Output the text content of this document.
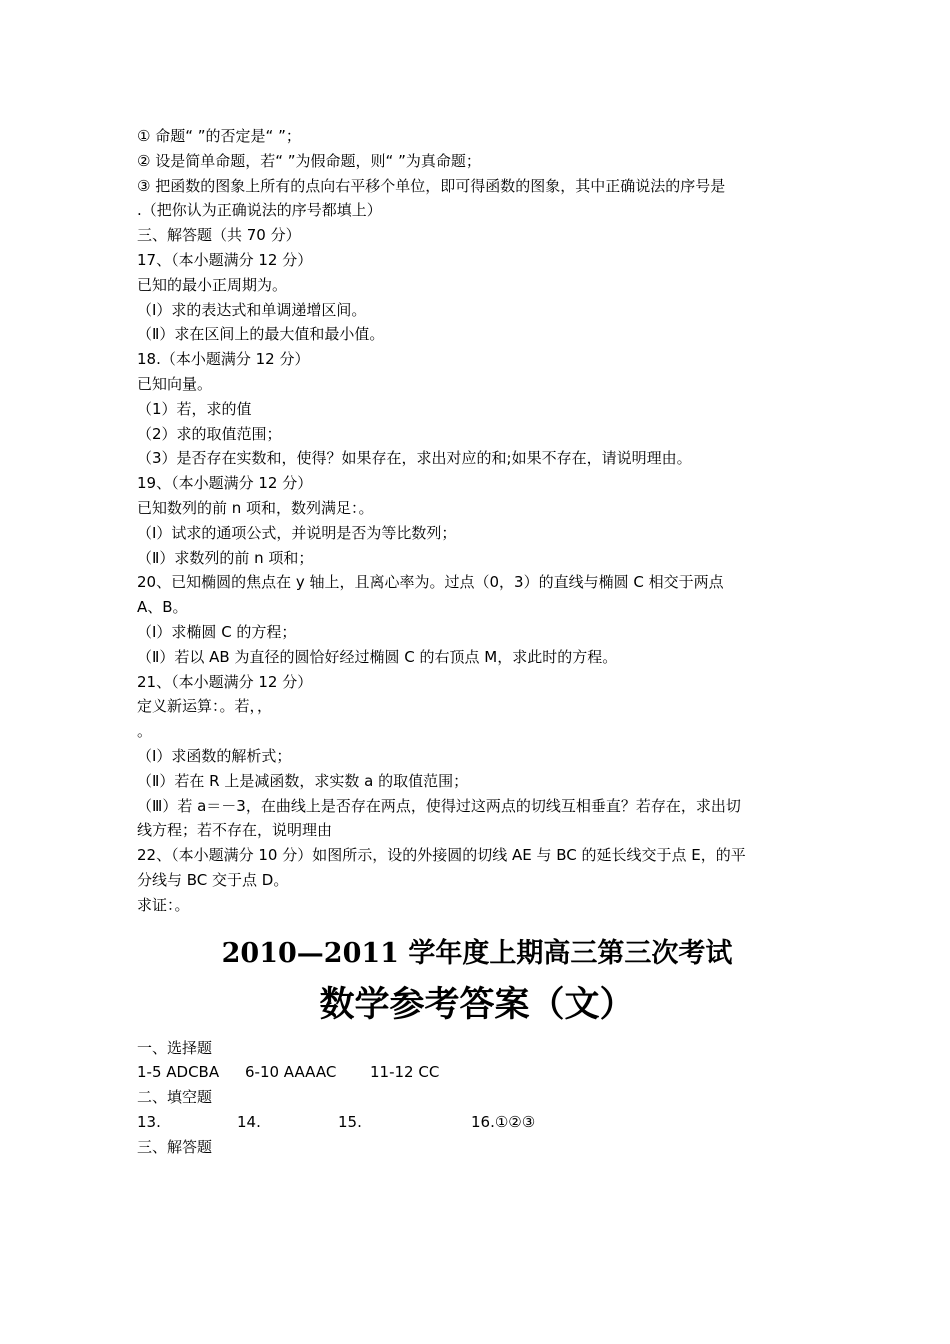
① 命题“ ”的否定是“ ”；
② 设是简单命题，若“ ”为假命题，则“ ”为真命题；
③ 把函数的图象上所有的点向右平移个单位，即可得函数的图象，其中正确说法的序号是
.（把你认为正确说法的序号都填上）
三、解答题（共 70 分）
17、（本小题满分 12 分）
已知的最小正周期为。
（Ⅰ）求的表达式和单调递增区间。
（Ⅱ）求在区间上的最大值和最小值。
18.（本小题满分 12 分）
已知向量。
（1）若，求的值
（2）求的取值范围；
（3）是否存在实数和，使得？如果存在，求出对应的和;如果不存在，请说明理由。
19、（本小题满分 12 分）
已知数列的前 n 项和，数列满足：。
（Ⅰ）试求的通项公式，并说明是否为等比数列；
（Ⅱ）求数列的前 n 项和；
20、已知椭圆的焦点在 y 轴上，且离心率为。过点（0，3）的直线与椭圆 C 相交于两点
A、B。
（Ⅰ）求椭圆 C 的方程；
（Ⅱ）若以 AB 为直径的圆恰好经过椭圆 C 的右顶点 M，求此时的方程。
21、（本小题满分 12 分）
定义新运算：。若，，
。
（Ⅰ）求函数的解析式；
（Ⅱ）若在 R 上是减函数，求实数 a 的取值范围；
（Ⅲ）若 a＝－3，在曲线上是否存在两点，使得过这两点的切线互相垂直？若存在，求出切
线方程；若不存在，说明理由
22、（本小题满分 10 分）如图所示，设的外接圆的切线 AE 与 BC 的延长线交于点 E，的平
分线与 BC 交于点 D。
求证：。
2010—2011 学年度上期高三第三次考试
数学参考答案（文）
一、选择题
1-5 ADCBA 6-10 AAAAC 11-12 CC
二、填空题
13.	14.	15.	16.①②③
三、解答题
